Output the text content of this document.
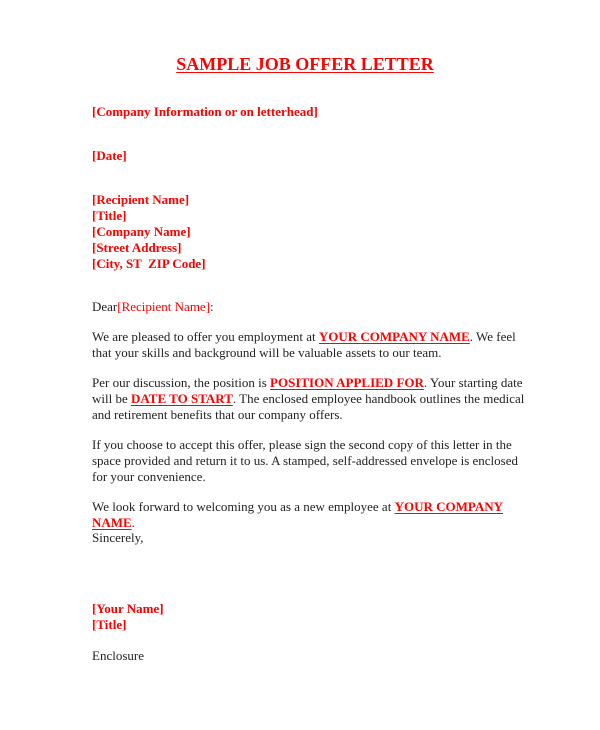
SAMPLE JOB OFFER LETTER
[Company Information or on letterhead]
[Date]
[Recipient Name]
[Title]
[Company Name]
[Street Address]
[City, ST  ZIP Code]
Dear[Recipient Name]:
We are pleased to offer you employment at YOUR COMPANY NAME. We feel that your skills and background will be valuable assets to our team.
Per our discussion, the position is POSITION APPLIED FOR. Your starting date will be DATE TO START. The enclosed employee handbook outlines the medical and retirement benefits that our company offers.
If you choose to accept this offer, please sign the second copy of this letter in the space provided and return it to us. A stamped, self-addressed envelope is enclosed for your convenience.
We look forward to welcoming you as a new employee at YOUR COMPANY NAME.
Sincerely,
[Your Name]
[Title]
Enclosure
